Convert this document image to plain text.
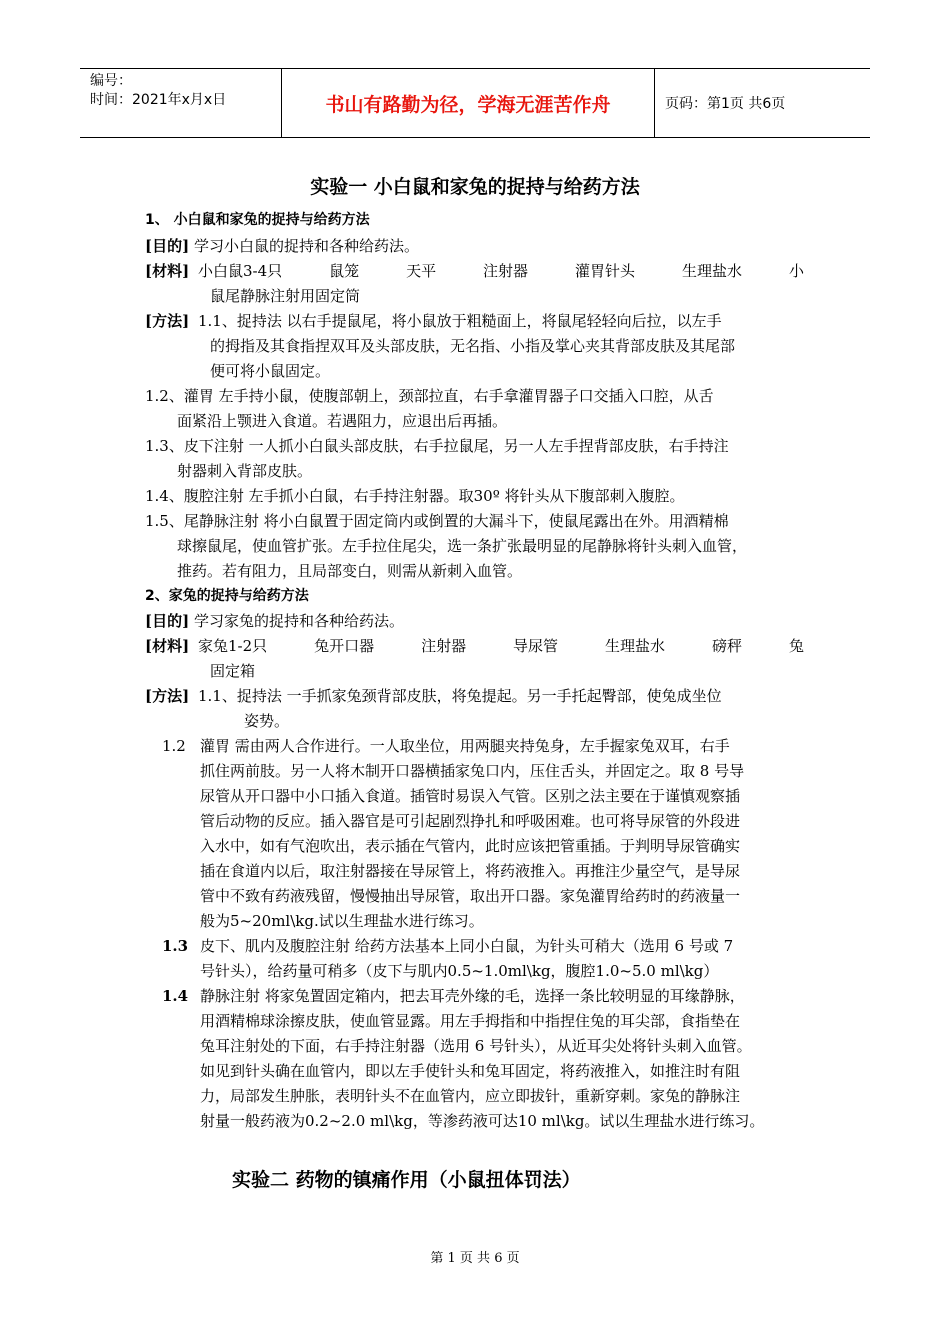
编号：
时间：2021年x月x日	书山有路勤为径，学海无涯苦作舟	页码：第1页 共6页
实验一 小白鼠和家兔的捉持与给药方法
1、 小白鼠和家兔的捉持与给药方法
[目的] 学习小白鼠的捉持和各种给药法。
[材料] 小白鼠3-4只	鼠笼	天平	注射器	灌胃针头	生理盐水	小
鼠尾静脉注射用固定筒
[方法] 1.1、捉持法 以右手提鼠尾，将小鼠放于粗糙面上，将鼠尾轻轻向后拉，以左手
的拇指及其食指捏双耳及头部皮肤，无名指、小指及掌心夹其背部皮肤及其尾部
便可将小鼠固定。
1.2、灌胃 左手持小鼠，使腹部朝上，颈部拉直，右手拿灌胃器子口交插入口腔，从舌
面紧沿上颚进入食道。若遇阻力，应退出后再插。
1.3、皮下注射 一人抓小白鼠头部皮肤，右手拉鼠尾，另一人左手捏背部皮肤，右手持注
射器刺入背部皮肤。
1.4、腹腔注射 左手抓小白鼠，右手持注射器。取30º 将针头从下腹部刺入腹腔。
1.5、尾静脉注射 将小白鼠置于固定筒内或倒置的大漏斗下，使鼠尾露出在外。用酒精棉
球擦鼠尾，使血管扩张。左手拉住尾尖，选一条扩张最明显的尾静脉将针头刺入血管，
推药。若有阻力，且局部变白，则需从新刺入血管。
2、家兔的捉持与给药方法
[目的] 学习家兔的捉持和各种给药法。
[材料] 家兔1-2只	兔开口器	注射器	导尿管	生理盐水	磅秤	兔
固定箱
[方法] 1.1、捉持法 一手抓家兔颈背部皮肤，将兔提起。另一手托起臀部，使兔成坐位
姿势。
1.2 灌胃 需由两人合作进行。一人取坐位，用两腿夹持兔身，左手握家兔双耳，右手
抓住两前肢。另一人将木制开口器横插家兔口内，压住舌头，并固定之。取 8 号导
尿管从开口器中小口插入食道。插管时易误入气管。区别之法主要在于谨慎观察插
管后动物的反应。插入器官是可引起剧烈挣扎和呼吸困难。也可将导尿管的外段进
入水中，如有气泡吹出，表示插在气管内，此时应该把管重插。于判明导尿管确实
插在食道内以后，取注射器接在导尿管上，将药液推入。再推注少量空气，是导尿
管中不致有药液残留，慢慢抽出导尿管，取出开口器。家兔灌胃给药时的药液量一
般为5~20ml\kg.试以生理盐水进行练习。
1.3 皮下、肌内及腹腔注射 给药方法基本上同小白鼠，为针头可稍大（选用 6 号或 7
号针头），给药量可稍多（皮下与肌内0.5~1.0ml\kg，腹腔1.0~5.0 ml\kg）
1.4 静脉注射 将家兔置固定箱内，把去耳壳外缘的毛，选择一条比较明显的耳缘静脉，
用酒精棉球涂擦皮肤，使血管显露。用左手拇指和中指捏住兔的耳尖部，食指垫在
兔耳注射处的下面，右手持注射器（选用 6 号针头），从近耳尖处将针头刺入血管。
如见到针头确在血管内，即以左手使针头和兔耳固定，将药液推入，如推注时有阻
力，局部发生肿胀，表明针头不在血管内，应立即拔针，重新穿刺。家兔的静脉注
射量一般药液为0.2~2.0 ml\kg，等渗药液可达10 ml\kg。试以生理盐水进行练习。
实验二 药物的镇痛作用（小鼠扭体罚法）
第 1 页 共 6 页
